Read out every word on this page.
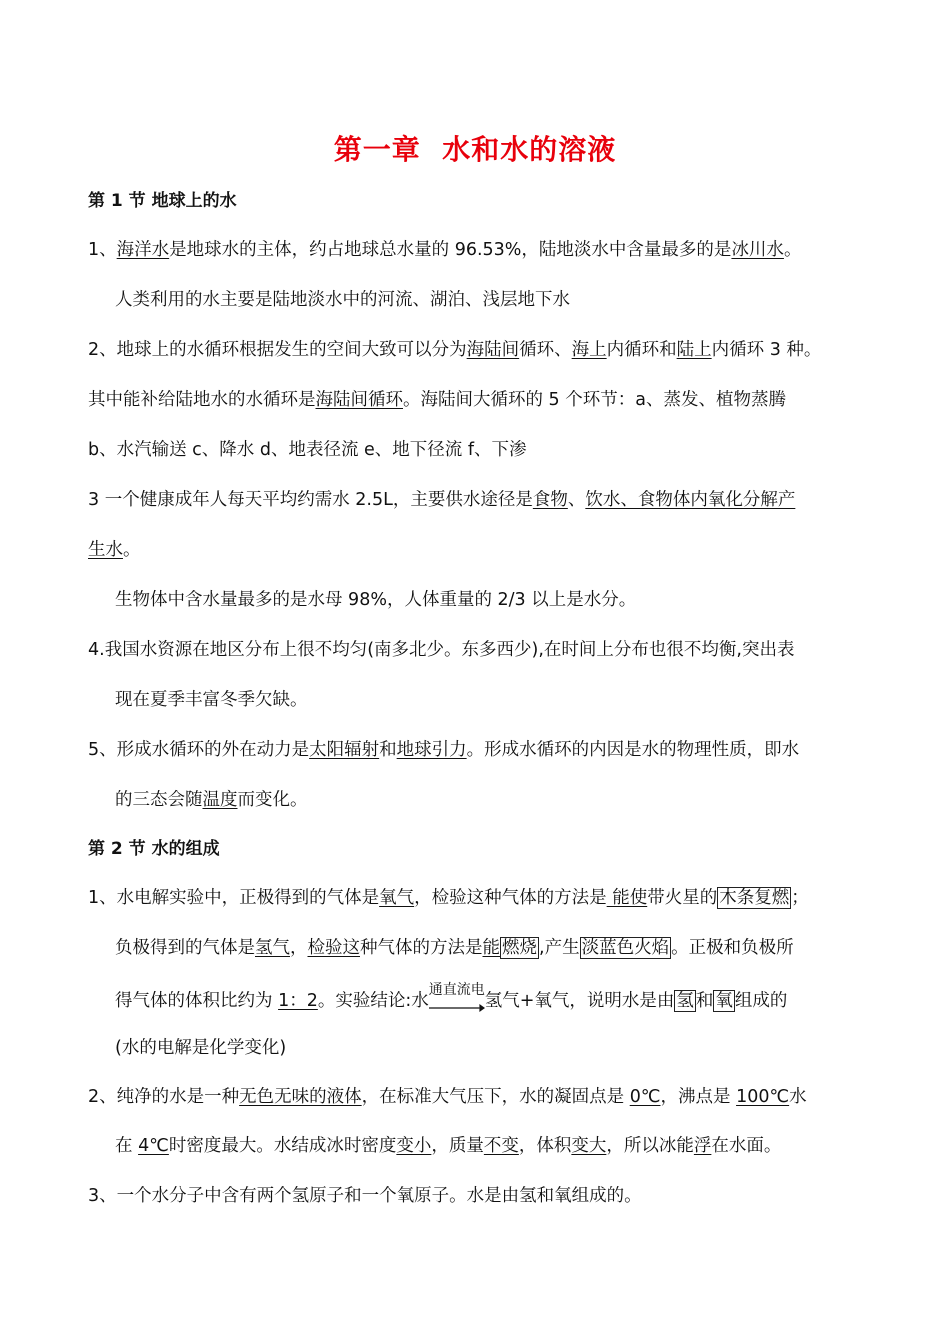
第一章  水和水的溶液
第 1 节 地球上的水
1、海洋水是地球水的主体，约占地球总水量的 96.53%，陆地淡水中含量最多的是冰川水。
人类利用的水主要是陆地淡水中的河流、湖泊、浅层地下水
2、地球上的水循环根据发生的空间大致可以分为海陆间循环、海上内循环和陆上内循环 3 种。
其中能补给陆地水的水循环是海陆间循环。海陆间大循环的 5 个环节：a、蒸发、植物蒸腾
b、水汽输送 c、降水 d、地表径流 e、地下径流 f、下渗
3 一个健康成年人每天平均约需水 2.5L，主要供水途径是食物、饮水、食物体内氧化分解产
生水。
生物体中含水量最多的是水母 98%，人体重量的 2/3 以上是水分。
4.我国水资源在地区分布上很不均匀(南多北少。东多西少),在时间上分布也很不均衡,突出表
现在夏季丰富冬季欠缺。
5、形成水循环的外在动力是太阳辐射和地球引力。形成水循环的内因是水的物理性质，即水
的三态会随温度而变化。
第 2 节 水的组成
1、水电解实验中，正极得到的气体是氧气，检验这种气体的方法是 能使带火星的 木条复燃 ；
负极得到的气体是氢气，检验这种气体的方法是能 燃烧 ,产生 淡蓝色火焰 。正极和负极所
得气体的体积比约为 1：2。实验结论:水$^{通直流电}$
氢气+氧气，说明水是由 氢 和 氧 组成的
(水的电解是化学变化)
2、纯净的水是一种无色无味的液体，在标准大气压下，水的凝固点是 0℃，沸点是 100℃水
在 4℃时密度最大。水结成冰时密度变小，质量不变，体积变大，所以冰能浮在水面。
3、一个水分子中含有两个氢原子和一个氧原子。水是由氢和氧组成的。
